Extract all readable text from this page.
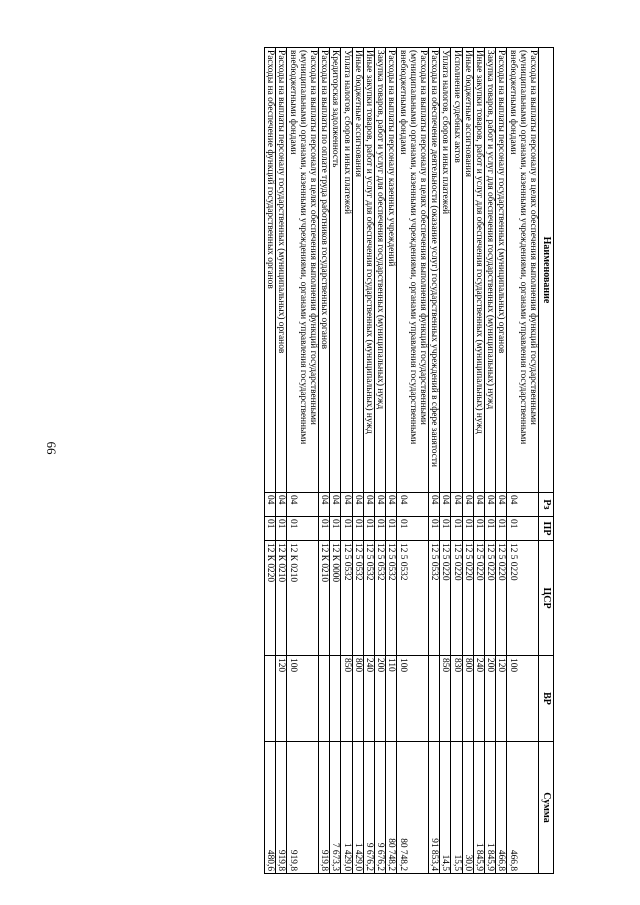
66
Наименование	Рз	ПР	ЦСР	ВР	Сумма
Расходы на выплаты персоналу в целях обеспечения выполнения функций государственными (муниципальными) органами, казенными учреждениями, органами управления государственными внебюджетными фондами	04	01	12 5 0220	100	466,8
Расходы на выплаты персоналу государственных (муниципальных) органов	04	01	12 5 0220	120	466,8
Закупка товаров, работ и услуг для обеспечения государственных (муниципальных) нужд	04	01	12 5 0220	200	1 845,9
Иные закупки товаров, работ и услуг для обеспечения государственных (муниципальных) нужд	04	01	12 5 0220	240	1 845,9
Иные бюджетные ассигнования	04	01	12 5 0220	800	30,0
Исполнение судебных актов	04	01	12 5 0220	830	15,5
Уплата налогов, сборов и иных платежей	04	01	12 5 0220	850	14,5
Расходы на обеспечение деятельности (оказание услуг) государственных учреждений в сфере занятости	04	01	12 5 0532		91 853,4
Расходы на выплаты персоналу в целях обеспечения выполнения функций государственными (муниципальными) органами, казенными учреждениями, органами управления государственными внебюджетными фондами	04	01	12 5 0532	100	80 748,2
Расходы на выплаты персоналу казенных учреждений	04	01	12 5 0532	110	80 748,2
Закупка товаров, работ и услуг для обеспечения государственных (муниципальных) нужд	04	01	12 5 0532	200	9 676,2
Иные закупки товаров, работ и услуг для обеспечения государственных (муниципальных) нужд	04	01	12 5 0532	240	9 676,2
Иные бюджетные ассигнования	04	01	12 5 0532	800	1 429,0
Уплата налогов, сборов и иных платежей	04	01	12 5 0532	850	1 429,0
Кредиторская задолженность	04	01	12 К 0000		7 673,3
Расходы на выплаты по оплате труда работников государственных органов	04	01	12 К 0210		919,8
Расходы на выплаты персоналу в целях обеспечения выполнения функций государственными (муниципальными) органами, казенными учреждениями, органами управления государственными внебюджетными фондами	04	01	12 К 0210	100	919,8
Расходы на выплаты персоналу государственных (муниципальных) органов	04	01	12 К 0210	120	919,8
Расходы на обеспечение функций государственных органов	04	01	12 К 0220		480,6
